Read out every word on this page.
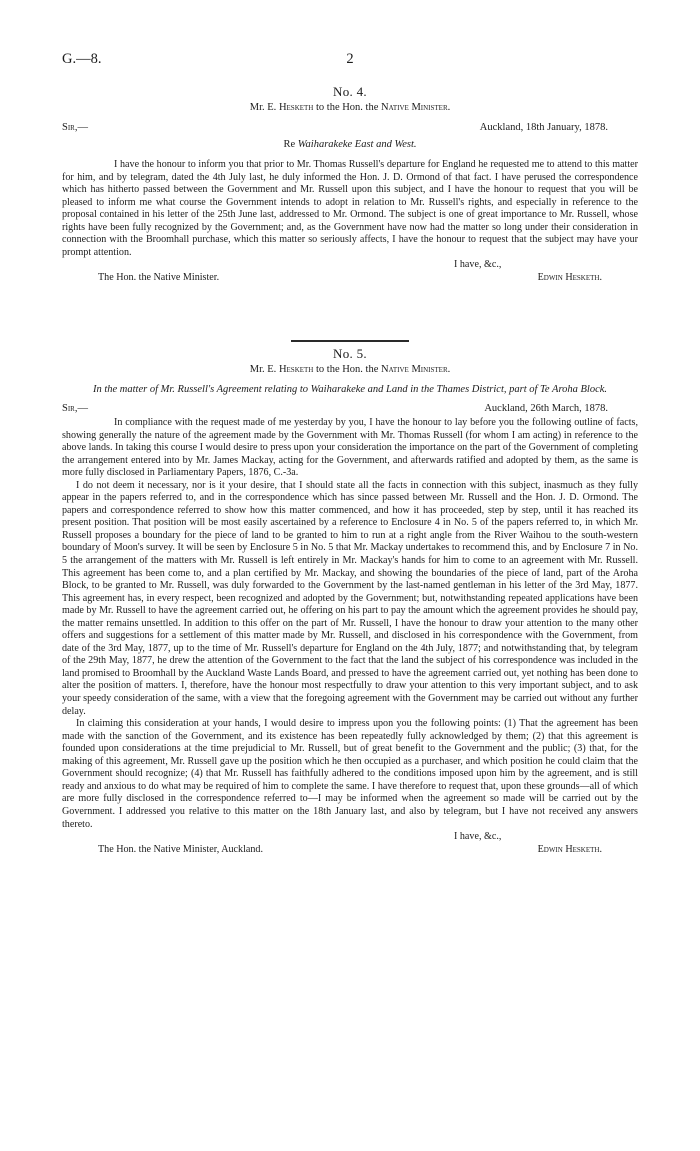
G.—8.	2

No. 4.

Mr. E. Hesketh to the Hon. the Native Minister.

Sir,—	Auckland, 18th January, 1878.

Re Waiharakeke East and West.

I have the honour to inform you that prior to Mr. Thomas Russell's departure for England he requested me to attend to this matter for him, and by telegram, dated the 4th July last, he duly informed the Hon. J. D. Ormond of that fact. I have perused the correspondence which has hitherto passed between the Government and Mr. Russell upon this subject, and I have the honour to request that you will be pleased to inform me what course the Government intends to adopt in relation to Mr. Russell's rights, and especially in reference to the proposal contained in his letter of the 25th June last, addressed to Mr. Ormond. The subject is one of great importance to Mr. Russell, whose rights have been fully recognized by the Government; and, as the Government have now had the matter so long under their consideration in connection with the Broomhall purchase, which this matter so seriously affects, I have the honour to request that the subject may have your prompt attention.

I have, &c.,
The Hon. the Native Minister.	Edwin Hesketh.

No. 5.

Mr. E. Hesketh to the Hon. the Native Minister.

In the matter of Mr. Russell's Agreement relating to Waiharakeke and Land in the Thames District, part of Te Aroha Block.

Sir,—	Auckland, 26th March, 1878.

In compliance with the request made of me yesterday by you, I have the honour to lay before you the following outline of facts, showing generally the nature of the agreement made by the Government with Mr. Thomas Russell (for whom I am acting) in reference to the above lands. In taking this course I would desire to press upon your consideration the importance on the part of the Government of completing the arrangement entered into by Mr. James Mackay, acting for the Government, and afterwards ratified and adopted by them, as the same is more fully disclosed in Parliamentary Papers, 1876, C.-3a.

I do not deem it necessary, nor is it your desire, that I should state all the facts in connection with this subject, inasmuch as they fully appear in the papers referred to, and in the correspondence which has since passed between Mr. Russell and the Hon. J. D. Ormond. The papers and correspondence referred to show how this matter commenced, and how it has proceeded, step by step, until it has reached its present position. That position will be most easily ascertained by a reference to Enclosure 4 in No. 5 of the papers referred to, in which Mr. Russell proposes a boundary for the piece of land to be granted to him to run at a right angle from the River Waihou to the south-western boundary of Moon's survey. It will be seen by Enclosure 5 in No. 5 that Mr. Mackay undertakes to recommend this, and by Enclosure 7 in No. 5 the arrangement of the matters with Mr. Russell is left entirely in Mr. Mackay's hands for him to come to an agreement with Mr. Russell. This agreement has been come to, and a plan certified by Mr. Mackay, and showing the boundaries of the piece of land, part of the Aroha Block, to be granted to Mr. Russell, was duly forwarded to the Government by the last-named gentleman in his letter of the 3rd May, 1877. This agreement has, in every respect, been recognized and adopted by the Government; but, notwithstanding repeated applications have been made by Mr. Russell to have the agreement carried out, he offering on his part to pay the amount which the agreement provides he should pay, the matter remains unsettled. In addition to this offer on the part of Mr. Russell, I have the honour to draw your attention to the many other offers and suggestions for a settlement of this matter made by Mr. Russell, and disclosed in his correspondence with the Government, from date of the 3rd May, 1877, up to the time of Mr. Russell's departure for England on the 4th July, 1877; and notwithstanding that, by telegram of the 29th May, 1877, he drew the attention of the Government to the fact that the land the subject of his correspondence was included in the land promised to Broomhall by the Auckland Waste Lands Board, and pressed to have the agreement carried out, yet nothing has been done to alter the position of matters. I, therefore, have the honour most respectfully to draw your attention to this very important subject, and to ask your speedy consideration of the same, with a view that the foregoing agreement with the Government may be carried out without any further delay.

In claiming this consideration at your hands, I would desire to impress upon you the following points: (1) That the agreement has been made with the sanction of the Government, and its existence has been repeatedly fully acknowledged by them; (2) that this agreement is founded upon considerations at the time prejudicial to Mr. Russell, but of great benefit to the Government and the public; (3) that, for the making of this agreement, Mr. Russell gave up the position which he then occupied as a purchaser, and which position he could claim that the Government should recognize; (4) that Mr. Russell has faithfully adhered to the conditions imposed upon him by the agreement, and is still ready and anxious to do what may be required of him to complete the same. I have therefore to request that, upon these grounds—all of which are more fully disclosed in the correspondence referred to—I may be informed when the agreement so made will be carried out by the Government. I addressed you relative to this matter on the 18th January last, and also by telegram, but I have not received any answers thereto.

I have, &c.,
The Hon. the Native Minister, Auckland.	Edwin Hesketh.
